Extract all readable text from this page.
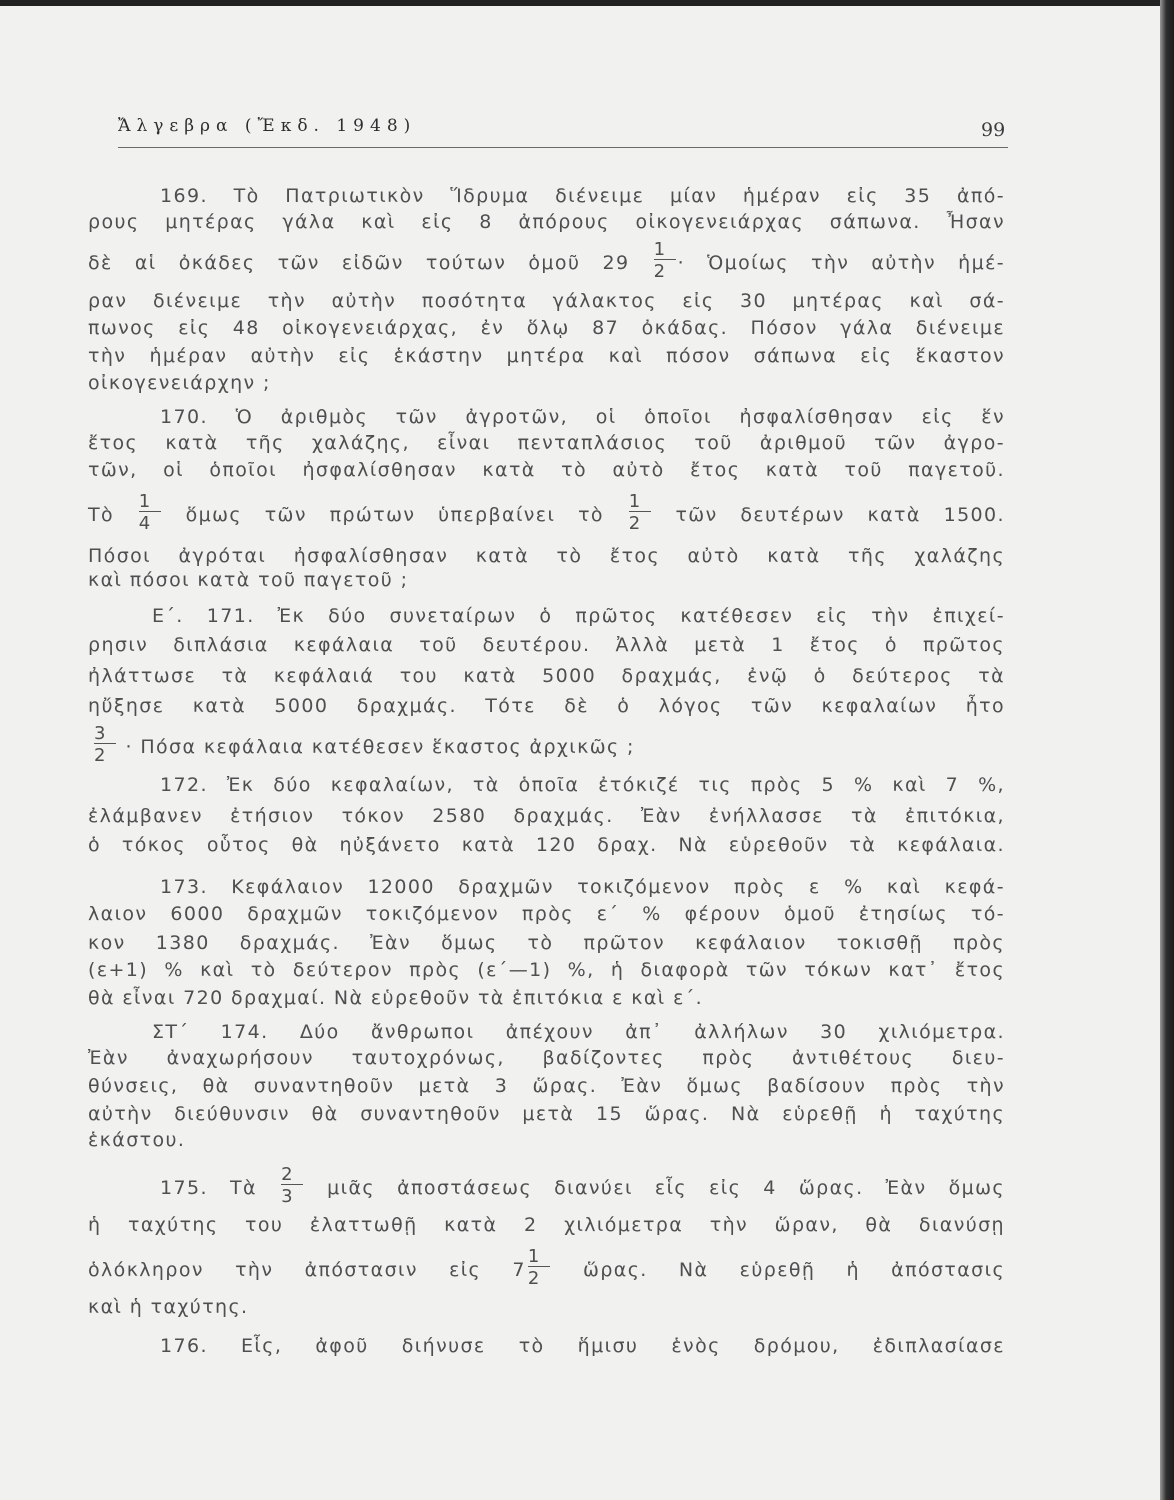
Ἄλγεβρα (Ἔκδ. 1948)	99
169. Τὸ Πατριωτικὸν Ἵδρυμα διένειμε μίαν ἡμέραν εἰς 35 ἀπό-
ρους μητέρας γάλα καὶ εἰς 8 ἀπόρους οἰκογενειάρχας σάπωνα. Ἦσαν
δὲ αἱ ὀκάδες τῶν εἰδῶν τούτων ὁμοῦ 29
1
2 · Ὁμοίως τὴν αὐτὴν ἡμέ-
ραν διένειμε τὴν αὐτὴν ποσότητα γάλακτος εἰς 30 μητέρας καὶ σά-
πωνος εἰς 48 οἰκογενειάρχας, ἐν ὅλῳ 87 ὀκάδας. Πόσον γάλα διένειμε
τὴν ἡμέραν αὐτὴν εἰς ἑκάστην μητέρα καὶ πόσον σάπωνα εἰς ἕκαστον
οἰκογενειάρχην ;
170. Ὁ ἀριθμὸς τῶν ἀγροτῶν, οἱ ὁποῖοι ἠσφαλίσθησαν εἰς ἕν
ἔτος κατὰ τῆς χαλάζης, εἶναι πενταπλάσιος τοῦ ἀριθμοῦ τῶν ἀγρο-
τῶν, οἱ ὁποῖοι ἠσφαλίσθησαν κατὰ τὸ αὐτὸ ἔτος κατὰ τοῦ παγετοῦ.
Τὸ
1
4	ὅμως τῶν πρώτων ὑπερβαίνει τὸ
1
2	τῶν δευτέρων κατὰ 1500.
Πόσοι ἀγρόται ἠσφαλίσθησαν κατὰ τὸ ἔτος αὐτὸ κατὰ τῆς χαλάζης
καὶ πόσοι κατὰ τοῦ παγετοῦ ;
Ε΄. 171. Ἐκ δύο συνεταίρων ὁ πρῶτος κατέθεσεν εἰς τὴν ἐπιχεί-
ρησιν διπλάσια κεφάλαια τοῦ δευτέρου. Ἀλλὰ μετὰ 1 ἔτος ὁ πρῶτος
ἠλάττωσε τὰ κεφάλαιά του κατὰ 5000 δραχμάς, ἐνῷ ὁ δεύτερος τὰ
ηὔξησε κατὰ 5000 δραχμάς. Τότε δὲ ὁ λόγος τῶν κεφαλαίων ἦτο
3
2	· Πόσα κεφάλαια κατέθεσεν ἕκαστος ἀρχικῶς ;
172. Ἐκ δύο κεφαλαίων, τὰ ὁποῖα ἐτόκιζέ τις πρὸς 5 % καὶ 7 %,
ἐλάμβανεν ἐτήσιον τόκον 2580 δραχμάς. Ἐὰν ἐνήλλασσε τὰ ἐπιτόκια,
ὁ τόκος οὗτος θὰ ηὐξάνετο κατὰ 120 δραχ. Νὰ εὑρεθοῦν τὰ κεφάλαια.
173. Κεφάλαιον 12000 δραχμῶν τοκιζόμενον πρὸς ε % καὶ κεφά-
λαιον 6000 δραχμῶν τοκιζόμενον πρὸς ε΄ % φέρουν ὁμοῦ ἐτησίως τό-
κον 1380 δραχμάς. Ἐὰν ὅμως τὸ πρῶτον κεφάλαιον τοκισθῇ πρὸς
(ε+1) % καὶ τὸ δεύτερον πρὸς (ε΄—1) %, ἡ διαφορὰ τῶν τόκων κατ᾽ ἔτος
θὰ εἶναι 720 δραχμαί. Νὰ εὑρεθοῦν τὰ ἐπιτόκια ε καὶ ε΄.
ΣΤ΄ 174. Δύο ἄνθρωποι ἀπέχουν ἀπ᾽ ἀλλήλων 30 χιλιόμετρα.
Ἐὰν ἀναχωρήσουν ταυτοχρόνως, βαδίζοντες πρὸς ἀντιθέτους διευ-
θύνσεις, θὰ συναντηθοῦν μετὰ 3 ὥρας. Ἐὰν ὅμως βαδίσουν πρὸς τὴν
αὐτὴν διεύθυνσιν θὰ συναντηθοῦν μετὰ 15 ὥρας. Νὰ εὑρεθῇ ἡ ταχύτης
ἑκάστου.
175. Τὰ
2
3	μιᾶς ἀποστάσεως διανύει εἷς εἰς 4 ὥρας. Ἐὰν ὅμως
ἡ ταχύτης του ἐλαττωθῇ κατὰ 2 χιλιόμετρα τὴν ὥραν, θὰ διανύσῃ
ὁλόκληρον τὴν ἀπόστασιν εἰς 7
1
2	ὥρας. Νὰ εὑρεθῇ ἡ ἀπόστασις
καὶ ἡ ταχύτης.
176. Εἷς, ἀφοῦ διήνυσε τὸ ἥμισυ ἑνὸς δρόμου, ἐδιπλασίασε
